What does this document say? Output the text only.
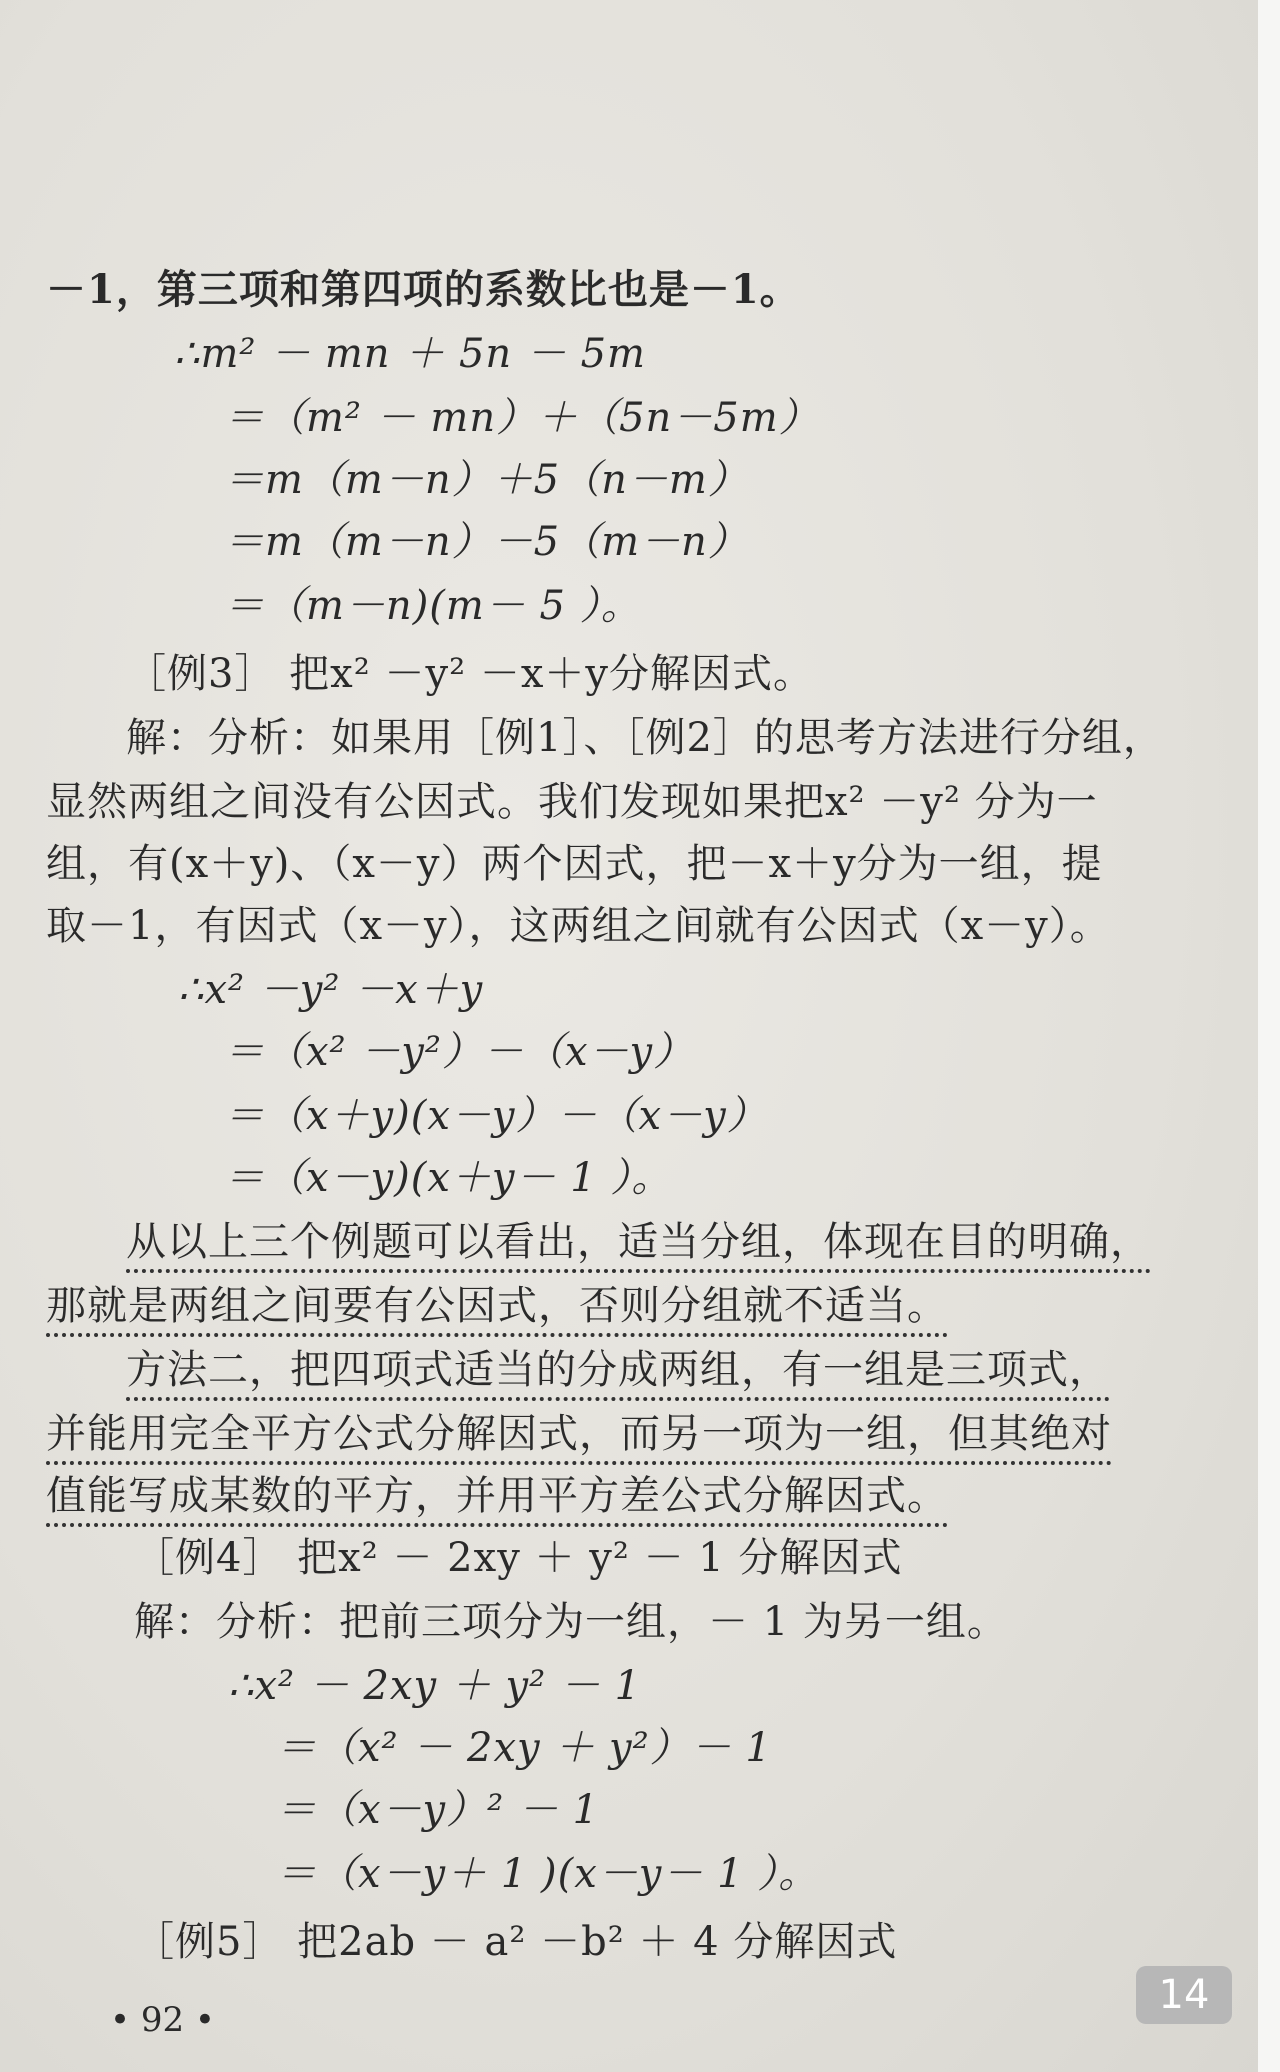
－1，第三项和第四项的系数比也是－1。
∴m² － mn ＋ 5n － 5m
＝（m² － mn）＋（5n－5m）
＝m（m－n）＋5（n－m）
＝m（m－n）－5（m－n）
＝（m－n)(m－ 5 ）。
［例3］ 把x² －y² －x＋y分解因式。
解：分析：如果用［例1］、［例2］的思考方法进行分组，
显然两组之间没有公因式。我们发现如果把x² －y² 分为一
组，有(x＋y)、（x－y）两个因式，把－x＋y分为一组，提
取－1，有因式（x－y），这两组之间就有公因式（x－y）。
∴x² －y² －x＋y
＝（x² －y²）－（x－y）
＝（x＋y)(x－y）－（x－y）
＝（x－y)(x＋y－ 1 ）。
从以上三个例题可以看出，适当分组，体现在目的明确，
那就是两组之间要有公因式，否则分组就不适当。
方法二，把四项式适当的分成两组，有一组是三项式，
并能用完全平方公式分解因式，而另一项为一组，但其绝对
值能写成某数的平方，并用平方差公式分解因式。
［例4］ 把x² － 2xy ＋ y² － 1 分解因式
解：分析：把前三项分为一组，－ 1 为另一组。
∴x² － 2xy ＋ y² － 1
＝（x² － 2xy ＋ y²）－ 1
＝（x－y）² － 1
＝（x－y＋ 1 )(x－y－ 1 ）。
［例5］ 把2ab － a² －b² ＋ 4 分解因式
• 92 •
14
